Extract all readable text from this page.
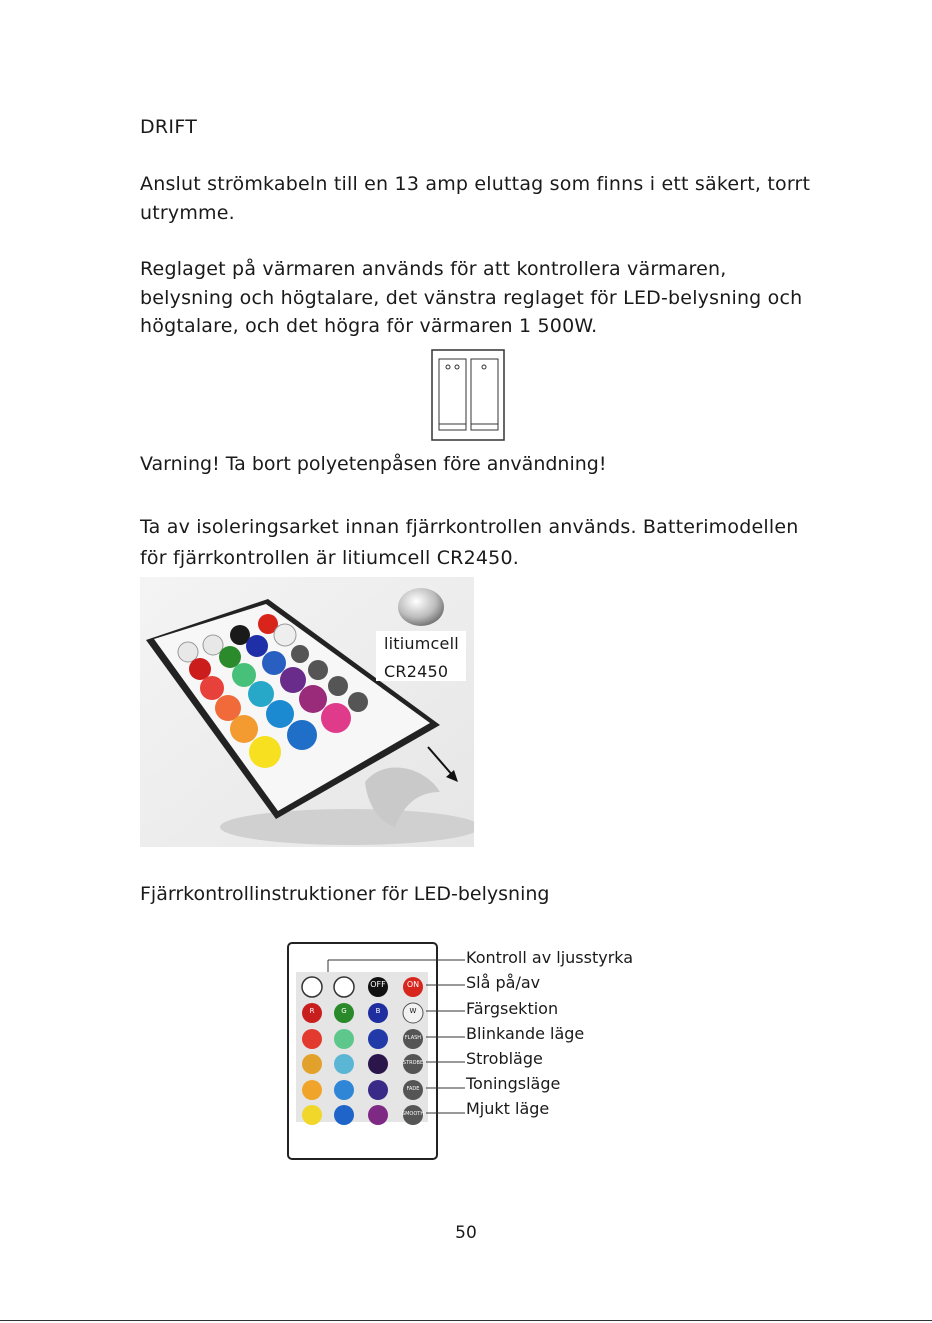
DRIFT
Anslut strömkabeln till en 13 amp eluttag som finns i ett säkert, torrt utrymme.
Reglaget på värmaren används för att kontrollera värmaren, belysning och högtalare, det vänstra reglaget för LED-belysning och högtalare, och det högra för värmaren 1 500W.
Varning! Ta bort polyetenpåsen före användning!
Ta av isoleringsarket innan fjärrkontrollen används. Batterimodellen för fjärrkontrollen är litiumcell CR2450.
litiumcell
CR2450
Fjärrkontrollinstruktioner för LED-belysning
OFF	ON
R	G	B	W
FLASH
STROBE
FADE
SMOOTH
Kontroll av ljusstyrka
Slå på/av
Färgsektion
Blinkande läge
Strobläge
Toningsläge
Mjukt läge
50
